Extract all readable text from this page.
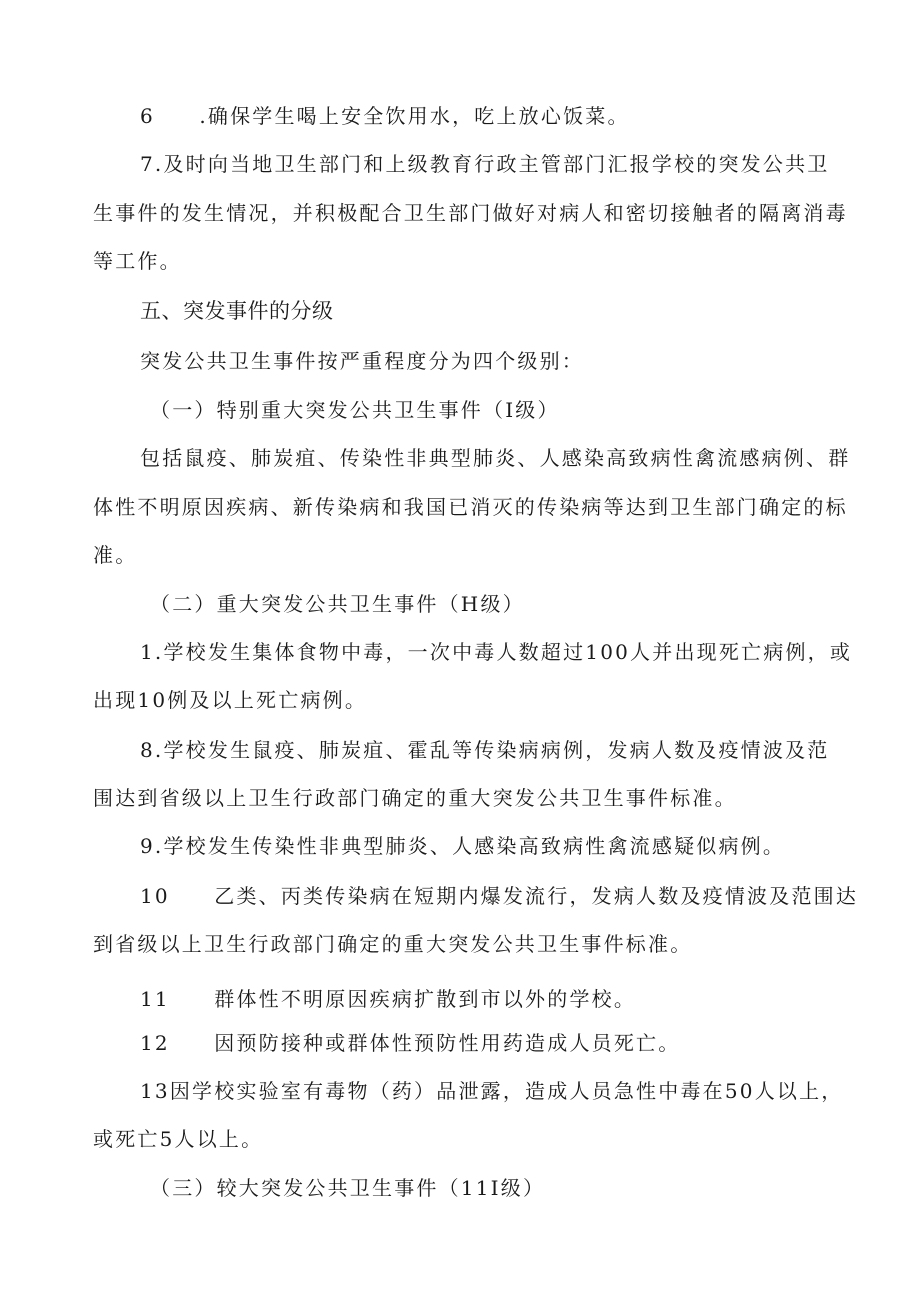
6  .确保学生喝上安全饮用水，吃上放心饭菜。
7.及时向当地卫生部门和上级教育行政主管部门汇报学校的突发公共卫
生事件的发生情况，并积极配合卫生部门做好对病人和密切接触者的隔离消毒
等工作。
五、突发事件的分级
突发公共卫生事件按严重程度分为四个级别：
（一）特别重大突发公共卫生事件（I级）
包括鼠疫、肺炭疽、传染性非典型肺炎、人感染高致病性禽流感病例、群
体性不明原因疾病、新传染病和我国已消灭的传染病等达到卫生部门确定的标
准。
（二）重大突发公共卫生事件（H级）
1.学校发生集体食物中毒，一次中毒人数超过100人并出现死亡病例，或
出现10例及以上死亡病例。
8.学校发生鼠疫、肺炭疽、霍乱等传染病病例，发病人数及疫情波及范
围达到省级以上卫生行政部门确定的重大突发公共卫生事件标准。
9.学校发生传染性非典型肺炎、人感染高致病性禽流感疑似病例。
10  乙类、丙类传染病在短期内爆发流行，发病人数及疫情波及范围达
到省级以上卫生行政部门确定的重大突发公共卫生事件标准。
11  群体性不明原因疾病扩散到市以外的学校。
12  因预防接种或群体性预防性用药造成人员死亡。
13因学校实验室有毒物（药）品泄露，造成人员急性中毒在50人以上，
或死亡5人以上。
（三）较大突发公共卫生事件（11I级）
